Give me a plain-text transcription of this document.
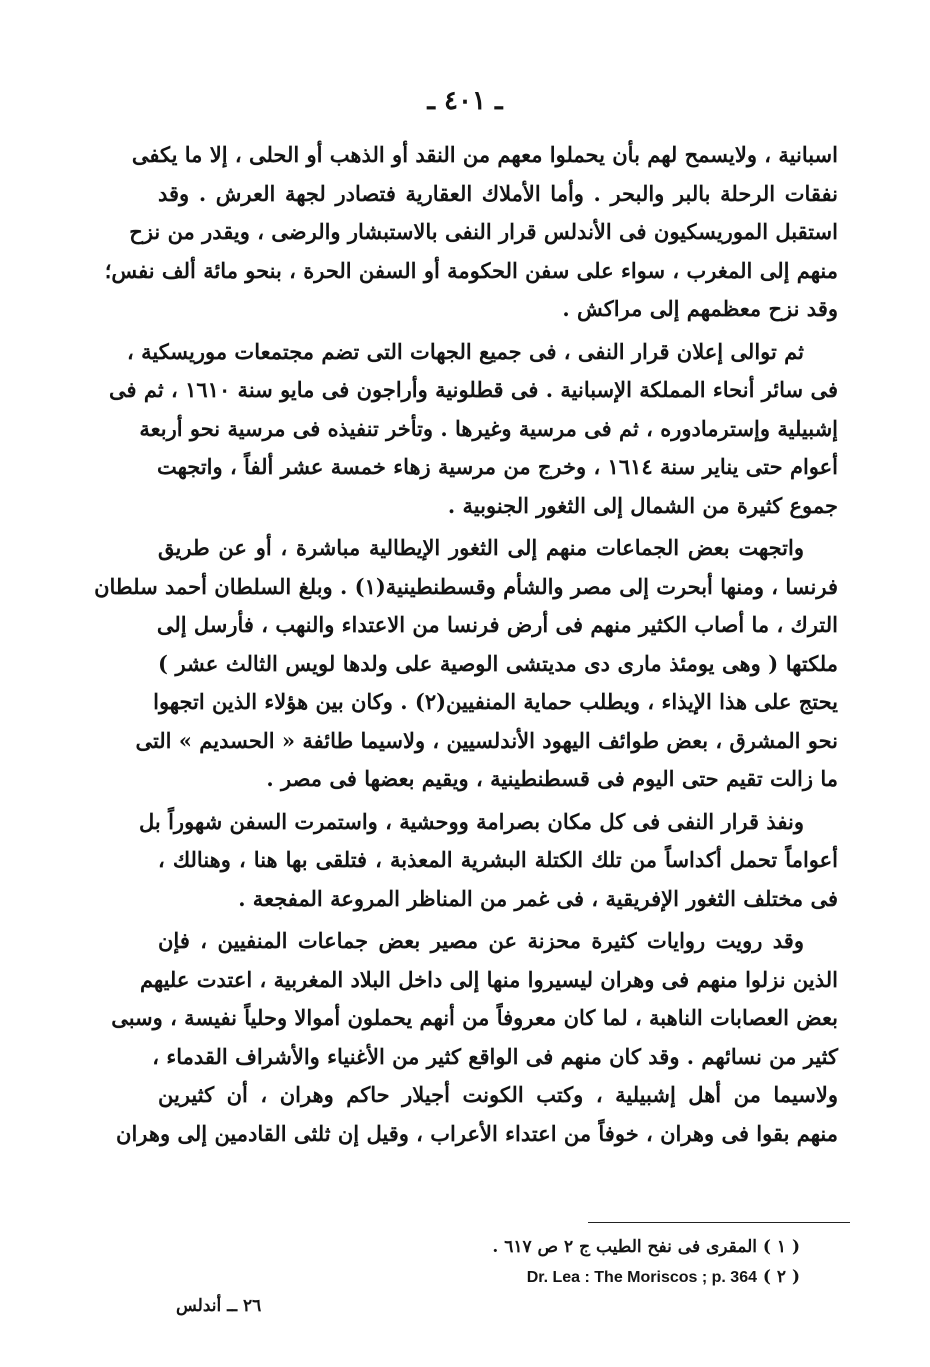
ـ ٤٠١ ـ
اسبانية ، ولايسمح لهم بأن يحملوا معهم من النقد أو الذهب أو الحلى ، إلا ما يكفى
نفقات الرحلة بالبر والبحر . وأما الأملاك العقارية فتصادر لجهة العرش . وقد
استقبل الموريسكيون فى الأندلس قرار النفى بالاستبشار والرضى ، ويقدر من نزح
منهم إلى المغرب ، سواء على سفن الحكومة أو السفن الحرة ، بنحو مائة ألف نفس؛
وقد نزح معظمهم إلى مراكش .
ثم توالى إعلان قرار النفى ، فى جميع الجهات التى تضم مجتمعات موريسكية ،
فى سائر أنحاء المملكة الإسبانية . فى قطلونية وأراجون فى مايو سنة ١٦١٠ ، ثم فى
إشبيلية وإسترمادوره ، ثم فى مرسية وغيرها . وتأخر تنفيذه فى مرسية نحو أربعة
أعوام حتى يناير سنة ١٦١٤ ، وخرج من مرسية زهاء خمسة عشر ألفاً ، واتجهت
جموع كثيرة من الشمال إلى الثغور الجنوبية .
واتجهت بعض الجماعات منهم إلى الثغور الإيطالية مباشرة ، أو عن طريق
فرنسا ، ومنها أبحرت إلى مصر والشأم وقسطنطينية(١) . وبلغ السلطان أحمد سلطان
الترك ، ما أصاب الكثير منهم فى أرض فرنسا من الاعتداء والنهب ، فأرسل إلى
ملكتها ( وهى يومئذ مارى دى مديتشى الوصية على ولدها لويس الثالث عشر )
يحتج على هذا الإيذاء ، ويطلب حماية المنفيين(٢) . وكان بين هؤلاء الذين اتجهوا
نحو المشرق ، بعض طوائف اليهود الأندلسيين ، ولاسيما طائفة « الحسديم » التى
ما زالت تقيم حتى اليوم فى قسطنطينية ، ويقيم بعضها فى مصر .
ونفذ قرار النفى فى كل مكان بصرامة ووحشية ، واستمرت السفن شهوراً بل
أعواماً تحمل أكداساً من تلك الكتلة البشرية المعذبة ، فتلقى بها هنا ، وهنالك ،
فى مختلف الثغور الإفريقية ، فى غمر من المناظر المروعة المفجعة .
وقد رويت روايات كثيرة محزنة عن مصير بعض جماعات المنفيين ، فإن
الذين نزلوا منهم فى وهران ليسيروا منها إلى داخل البلاد المغربية ، اعتدت عليهم
بعض العصابات الناهبة ، لما كان معروفاً من أنهم يحملون أموالا وحلياً نفيسة ، وسبى
كثير من نسائهم . وقد كان منهم فى الواقع كثير من الأغنياء والأشراف القدماء ،
ولاسيما من أهل إشبيلية ، وكتب الكونت أجيلار حاكم وهران ، أن كثيرين
منهم بقوا فى وهران ، خوفاً من اعتداء الأعراب ، وقيل إن ثلثى القادمين إلى وهران
( ١ ) المقرى فى نفح الطيب ج ٢ ص ٦١٧ .
( ٢ ) Dr. Lea : The Moriscos ; p. 364
٢٦ ــ أندلس
